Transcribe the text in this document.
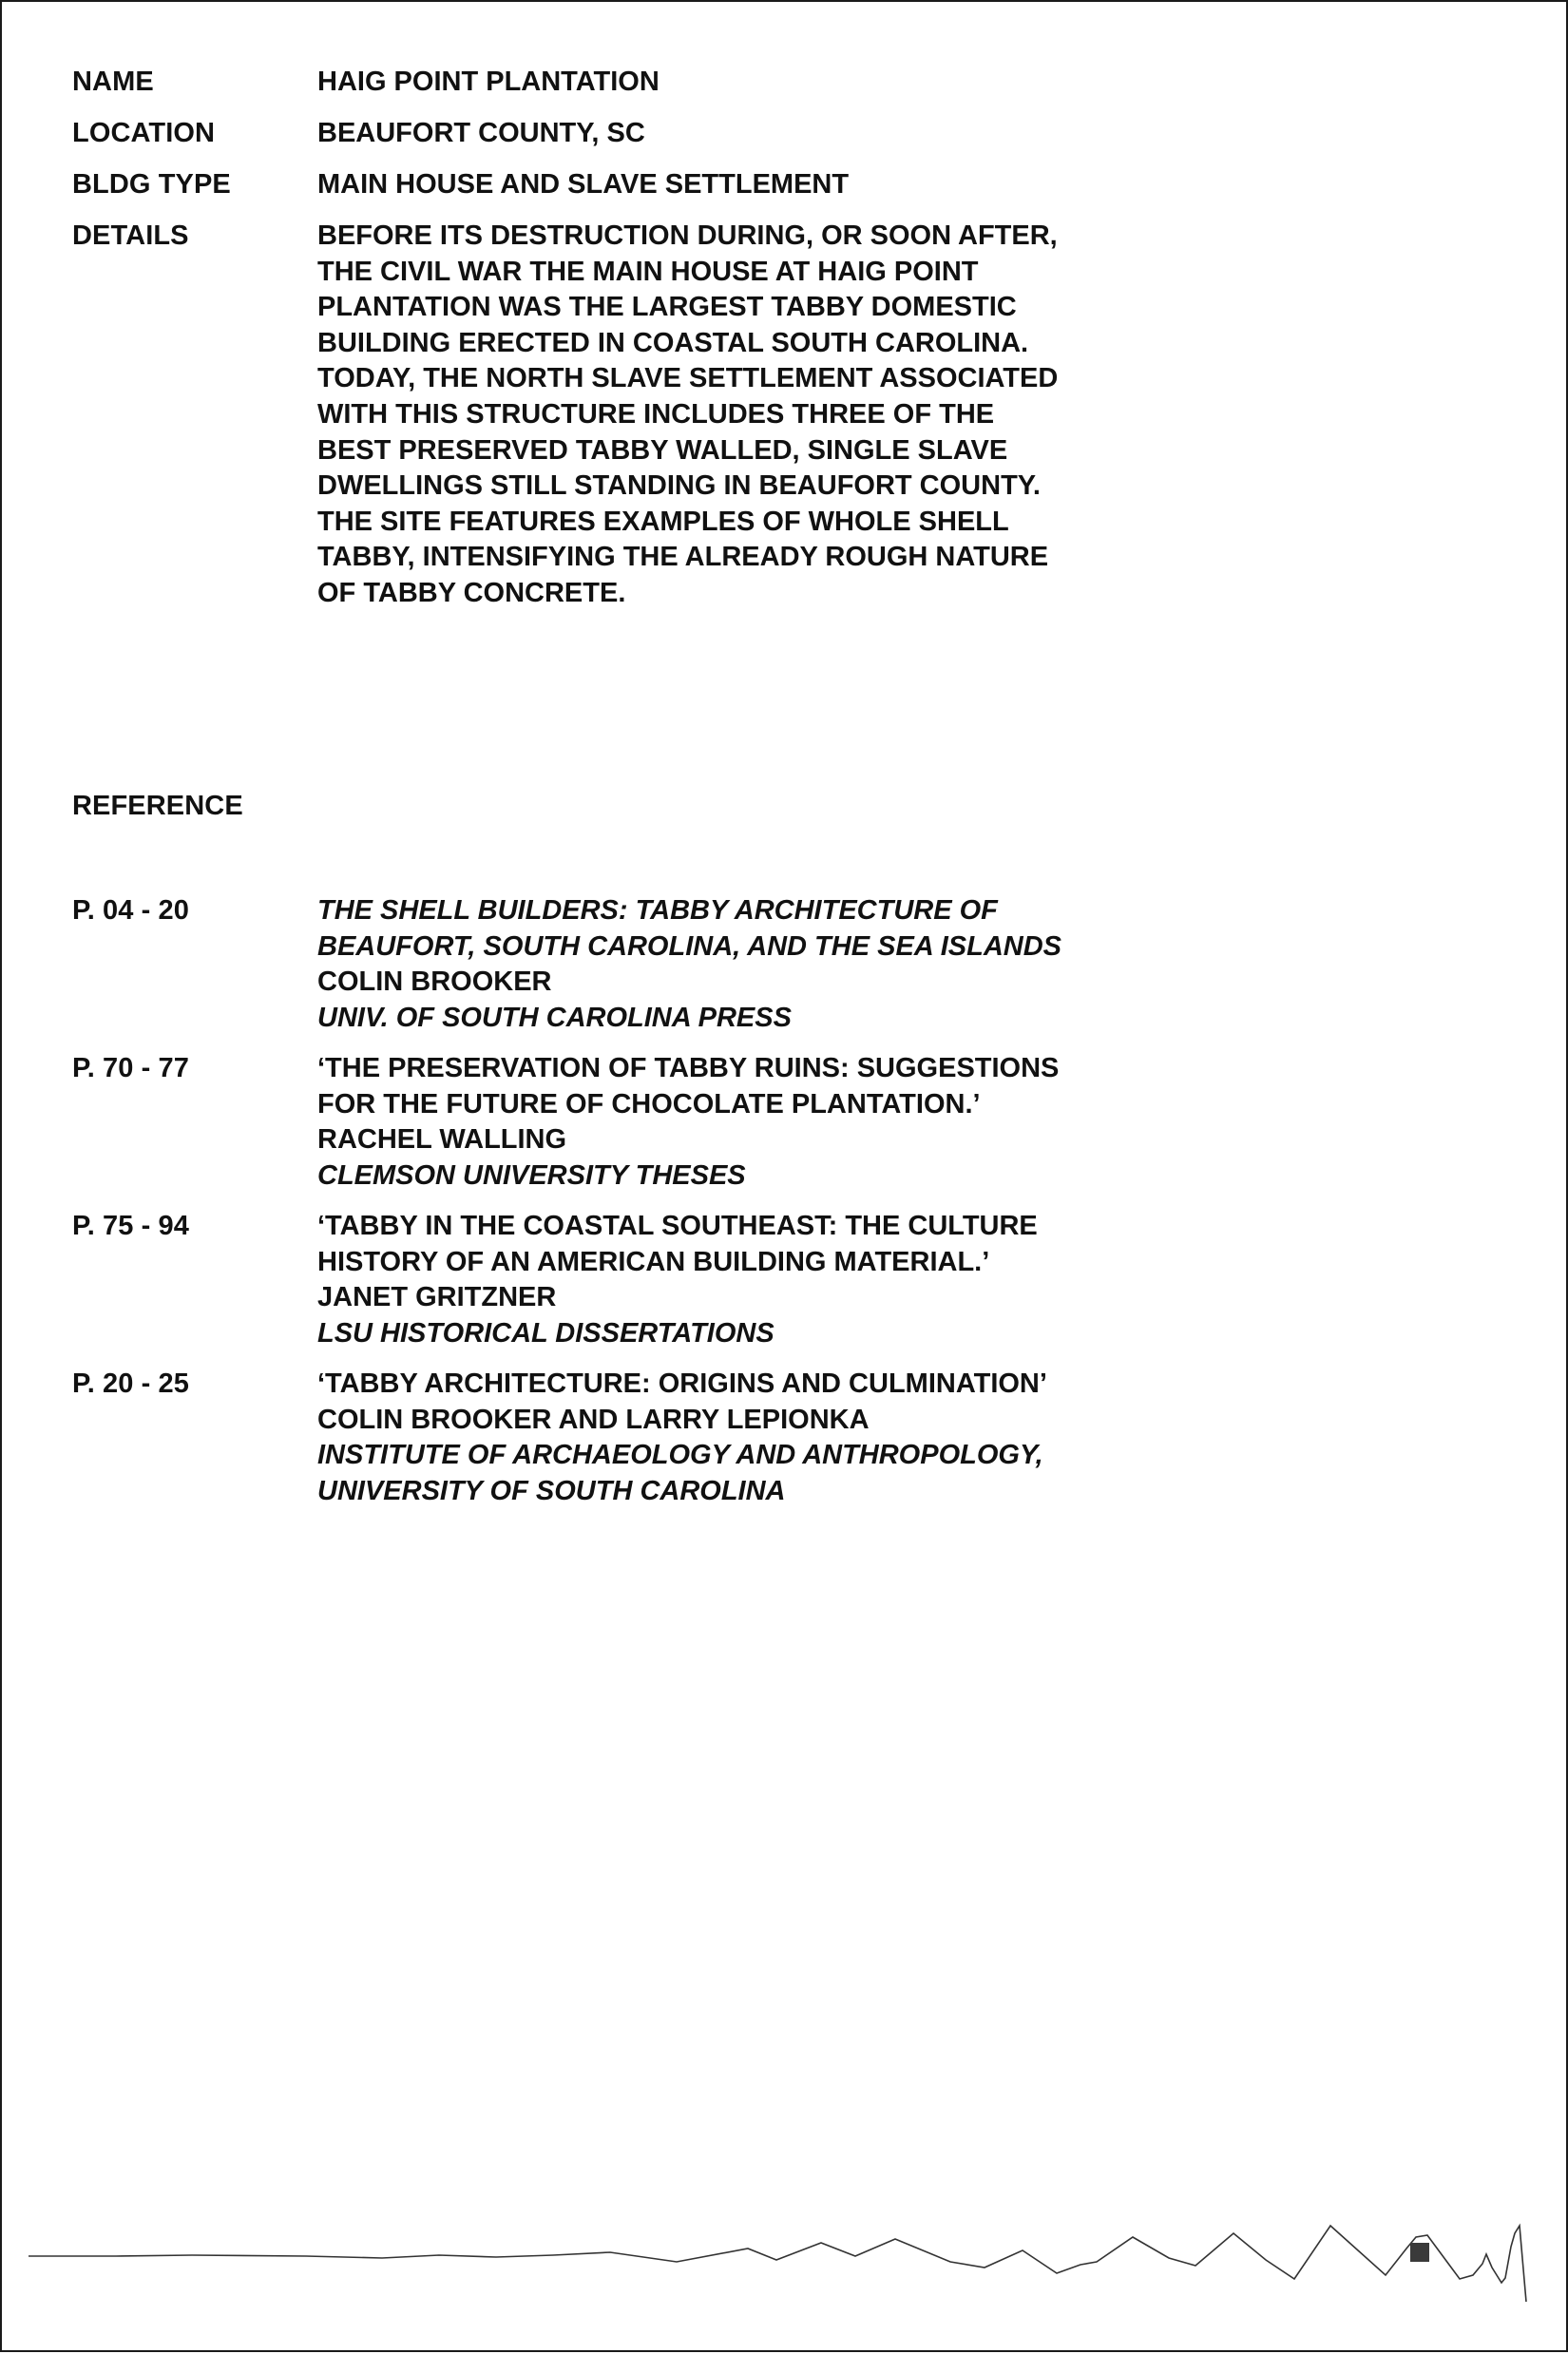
NAME	HAIG POINT PLANTATION
LOCATION	BEAUFORT COUNTY, SC
BLDG TYPE	MAIN HOUSE AND SLAVE SETTLEMENT
DETAILS	BEFORE ITS DESTRUCTION DURING, OR SOON AFTER,
THE CIVIL WAR THE MAIN HOUSE AT HAIG POINT
PLANTATION WAS THE LARGEST TABBY DOMESTIC
BUILDING ERECTED IN COASTAL SOUTH CAROLINA.
TODAY, THE NORTH SLAVE SETTLEMENT ASSOCIATED
WITH THIS STRUCTURE INCLUDES THREE OF THE
BEST PRESERVED TABBY WALLED, SINGLE SLAVE
DWELLINGS STILL STANDING IN BEAUFORT COUNTY.
THE SITE FEATURES EXAMPLES OF WHOLE SHELL
TABBY, INTENSIFYING THE ALREADY ROUGH NATURE
OF TABBY CONCRETE.
REFERENCE
P. 04 - 20	THE SHELL BUILDERS: TABBY ARCHITECTURE OF
BEAUFORT, SOUTH CAROLINA, AND THE SEA ISLANDS
COLIN BROOKER
UNIV. OF SOUTH CAROLINA PRESS
P. 70 - 77	‘THE PRESERVATION OF TABBY RUINS: SUGGESTIONS
FOR THE FUTURE OF CHOCOLATE PLANTATION.’
RACHEL WALLING
CLEMSON UNIVERSITY THESES
P. 75 - 94	‘TABBY IN THE COASTAL SOUTHEAST: THE CULTURE
HISTORY OF AN AMERICAN BUILDING MATERIAL.’
JANET GRITZNER
LSU HISTORICAL DISSERTATIONS
P. 20 - 25	‘TABBY ARCHITECTURE: ORIGINS AND CULMINATION’
COLIN BROOKER AND LARRY LEPIONKA
INSTITUTE OF ARCHAEOLOGY AND ANTHROPOLOGY,
UNIVERSITY OF SOUTH CAROLINA
